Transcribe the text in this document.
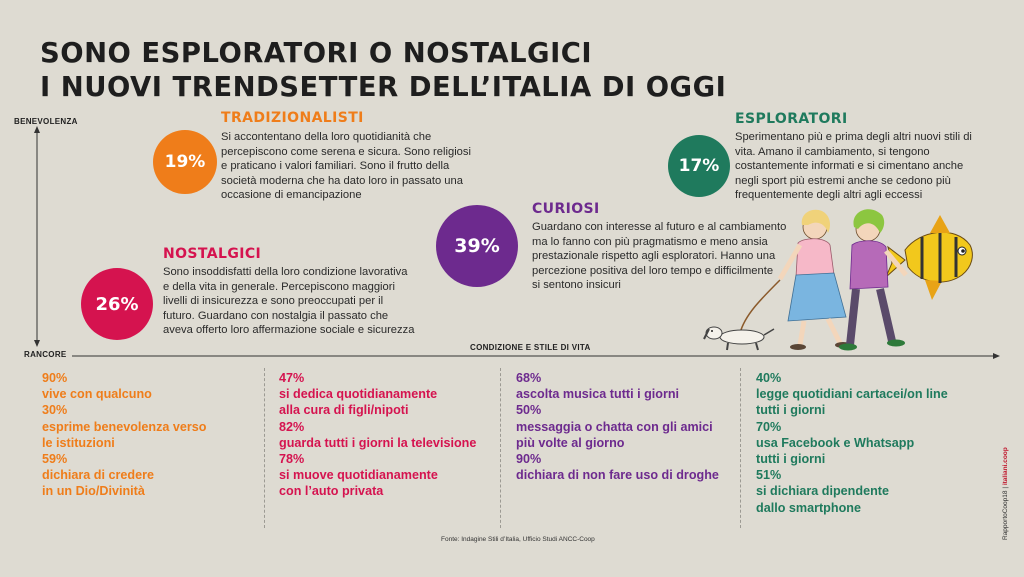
SONO ESPLORATORI O NOSTALGICI
I NUOVI TRENDSETTER DELL’ITALIA DI OGGI
BENEVOLENZA
RANCORE
CONDIZIONE E STILE DI VITA
19%

TRADIZIONALISTI

Si accontentano della loro quotidianità che
percepiscono come serena e sicura. Sono religiosi
e praticano i valori familiari. Sono il frutto della
società moderna che ha dato loro in passato una
occasione di emancipazione

26%

NOSTALGICI

Sono insoddisfatti della loro condizione lavorativa
e della vita in generale. Percepiscono maggiori
livelli di insicurezza e sono preoccupati per il
futuro. Guardano con nostalgia il passato che
aveva offerto loro affermazione sociale e sicurezza

39%

CURIOSI

Guardano con interesse al futuro e al cambiamento
ma lo fanno con più pragmatismo e meno ansia
prestazionale rispetto agli esploratori. Hanno una
percezione positiva del loro tempo e difficilmente
si sentono insicuri

17%

ESPLORATORI

Sperimentano più e prima degli altri nuovi stili di
vita. Amano il cambiamento, si tengono
costantemente informati e si cimentano anche
negli sport più estremi anche se cedono più
frequentemente degli altri agli eccessi

90%
vive con qualcuno
30%
esprime benevolenza verso
le istituzioni
59%
dichiara di credere
in un Dio/Divinità
47%
si dedica quotidianamente
alla cura di figli/nipoti
82%
guarda tutti i giorni la televisione
78%
si muove quotidianamente
con l’auto privata
68%
ascolta musica tutti i giorni
50%
messaggia o chatta con gli amici
più volte al giorno
90%
dichiara di non fare uso di droghe
40%
legge quotidiani cartacei/on line
tutti i giorni
70%
usa Facebook e Whatsapp
tutti i giorni
51%
si dichiara dipendente
dallo smartphone
Fonte: Indagine Stili d’Italia, Ufficio Studi ANCC-Coop	RapportoCoop18 | italiani.coop
